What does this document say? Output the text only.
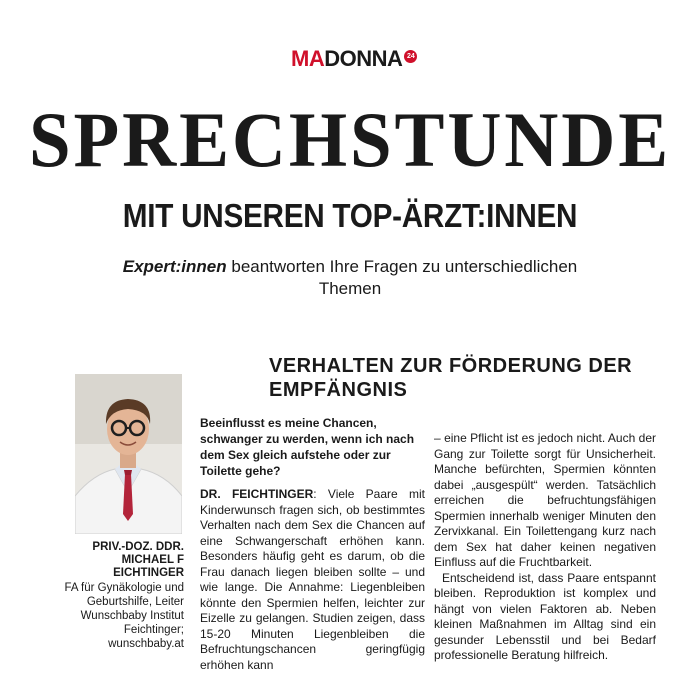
MA DONNA 24
SPRECHSTUNDE
MIT UNSEREN TOP-ÄRZT:INNEN

Expert:innen beantworten Ihre Fragen zu unterschiedlichen Themen

PRIV.-DOZ. DDR. MICHAEL F EICHTINGER
FA für Gynäkologie und Geburtshilfe, Leiter Wunschbaby Institut Feichtinger; wunschbaby.at
VERHALTEN ZUR FÖRDERUNG DER EMPFÄNGNIS

Beeinflusst es meine Chancen, schwanger zu werden, wenn ich nach dem Sex gleich aufstehe oder zur Toilette gehe?

DR. FEICHTINGER: Viele Paare mit Kinderwunsch fragen sich, ob bestimmtes Verhalten nach dem Sex die Chancen auf eine Schwangerschaft erhöhen kann. Besonders häufig geht es darum, ob die Frau danach liegen bleiben sollte – und wie lange. Die Annahme: Liegenbleiben könnte den Spermien helfen, leichter zur Eizelle zu gelangen. Studien zeigen, dass 15-20 Minuten Liegenbleiben die Befruchtungschancen geringfügig erhöhen kann

– eine Pflicht ist es jedoch nicht. Auch der Gang zur Toilette sorgt für Unsicherheit. Manche befürchten, Spermien könnten dabei „ausgespült“ werden. Tatsächlich erreichen die befruchtungsfähigen Spermien innerhalb weniger Minuten den Zervixkanal. Ein Toilettengang kurz nach dem Sex hat daher keinen negativen Einfluss auf die Fruchtbarkeit.

Entscheidend ist, dass Paare entspannt bleiben. Reproduktion ist komplex und hängt von vielen Faktoren ab. Neben kleinen Maßnahmen im Alltag sind ein gesunder Lebensstil und bei Bedarf professionelle Beratung hilfreich.
